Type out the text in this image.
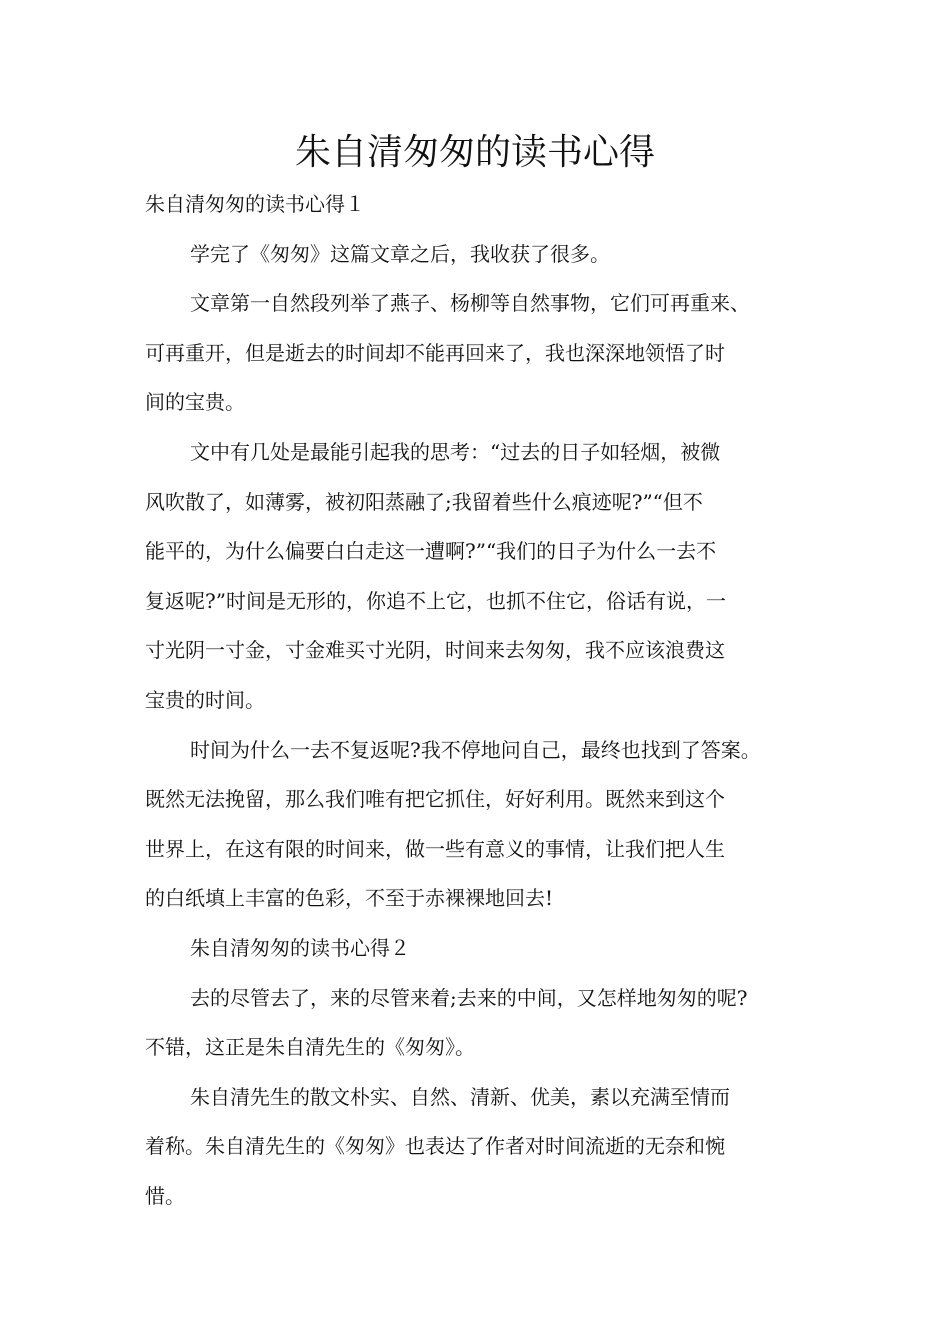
朱自清匆匆的读书心得

朱自清匆匆的读书心得１

学完了《匆匆》这篇文章之后，我收获了很多。

文章第一自然段列举了燕子、杨柳等自然事物，它们可再重来、

可再重开，但是逝去的时间却不能再回来了，我也深深地领悟了时

间的宝贵。

文中有几处是最能引起我的思考：“过去的日子如轻烟，被微

风吹散了，如薄雾，被初阳蒸融了;我留着些什么痕迹呢?”“但不

能平的，为什么偏要白白走这一遭啊?”“我们的日子为什么一去不

复返呢?”时间是无形的，你追不上它，也抓不住它，俗话有说，一

寸光阴一寸金，寸金难买寸光阴，时间来去匆匆，我不应该浪费这

宝贵的时间。

时间为什么一去不复返呢?我不停地问自己，最终也找到了答案。

既然无法挽留，那么我们唯有把它抓住，好好利用。既然来到这个

世界上，在这有限的时间来，做一些有意义的事情，让我们把人生

的白纸填上丰富的色彩，不至于赤裸裸地回去!

朱自清匆匆的读书心得２

去的尽管去了，来的尽管来着;去来的中间，又怎样地匆匆的呢?

不错，这正是朱自清先生的《匆匆》。

朱自清先生的散文朴实、自然、清新、优美，素以充满至情而

着称。朱自清先生的《匆匆》也表达了作者对时间流逝的无奈和惋

惜。
